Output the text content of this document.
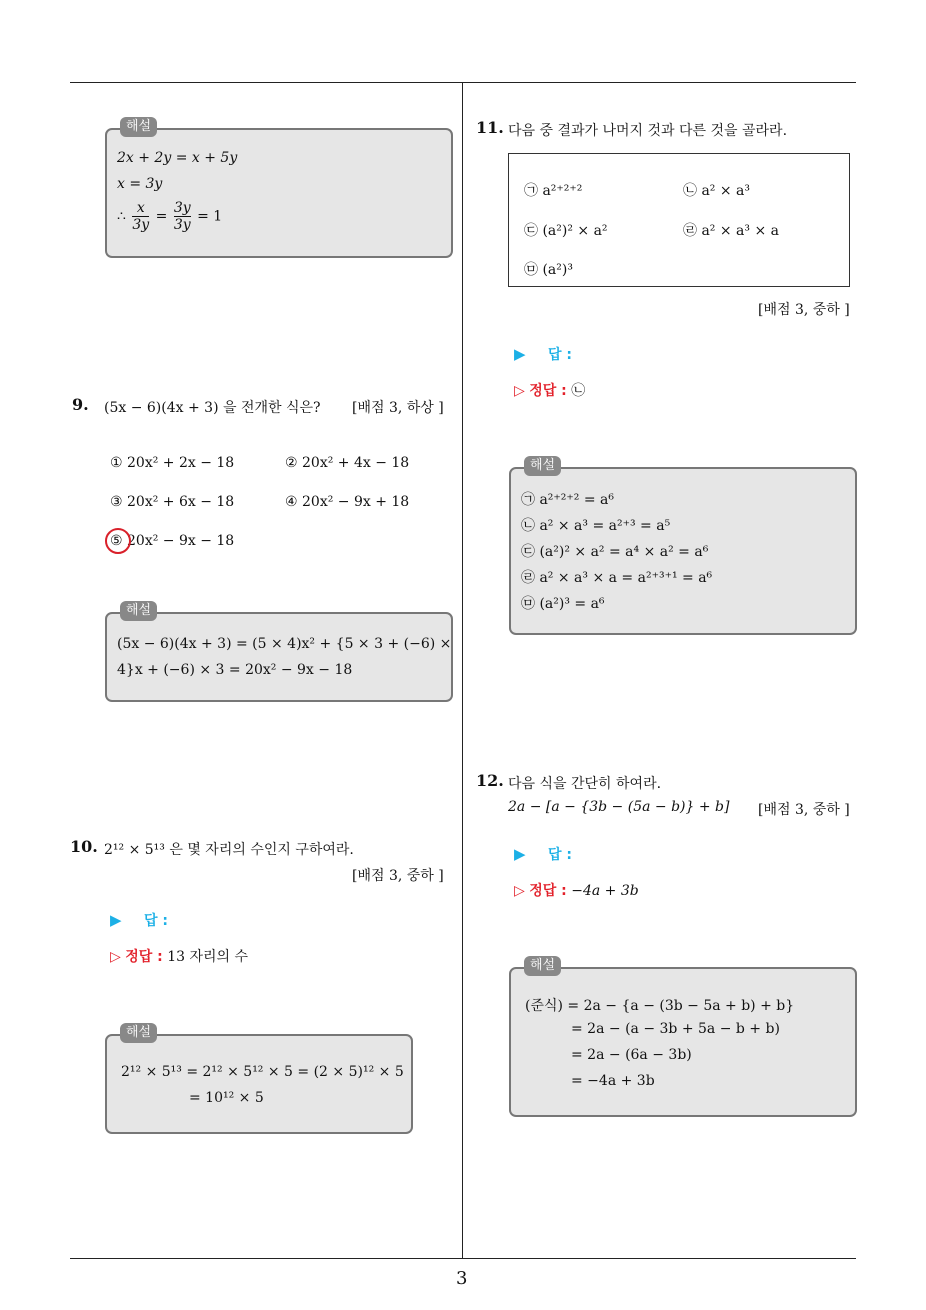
2x + 2y = x + 5y
x = 3y
∴ $\frac{x}{3y} = \frac{3y}{3y} = 1$
해설
9. (5x − 6)(4x + 3) 을 전개한 식은? [배점 3, 하상 ]
① 20x² + 2x − 18	② 20x² + 4x − 18
③ 20x² + 6x − 18	④ 20x² − 9x + 18
⑤ 20x² − 9x − 18
(5x − 6)(4x + 3) = (5 × 4)x² + {5 × 3 + (−6) ×
4}x + (−6) × 3 = 20x² − 9x − 18
해설
10. 2¹² × 5¹³ 은 몇 자리의 수인지 구하여라.
[배점 3, 중하 ]
▶ 답 :
▷ 정답 : 13 자리의 수
2¹² × 5¹³ = 2¹² × 5¹² × 5 = (2 × 5)¹² × 5
= 10¹² × 5
해설
11. 다음 중 결과가 나머지 것과 다른 것을 골라라.
㉠ a²⁺²⁺²	㉡ a² × a³
㉢ (a²)² × a²	㉣ a² × a³ × a
㉤ (a²)³
[배점 3, 중하 ]
▶ 답 :
▷ 정답 : ㉡
㉠ a²⁺²⁺² = a⁶
㉡ a² × a³ = a²⁺³ = a⁵
㉢ (a²)² × a² = a⁴ × a² = a⁶
㉣ a² × a³ × a = a²⁺³⁺¹ = a⁶
㉤ (a²)³ = a⁶
해설
12. 다음 식을 간단히 하여라.
2a − [a − {3b − (5a − b)} + b] [배점 3, 중하 ]
▶ 답 :
▷ 정답 : −4a + 3b
(준식) = 2a − {a − (3b − 5a + b) + b}
= 2a − (a − 3b + 5a − b + b)
= 2a − (6a − 3b)
= −4a + 3b
해설
3
